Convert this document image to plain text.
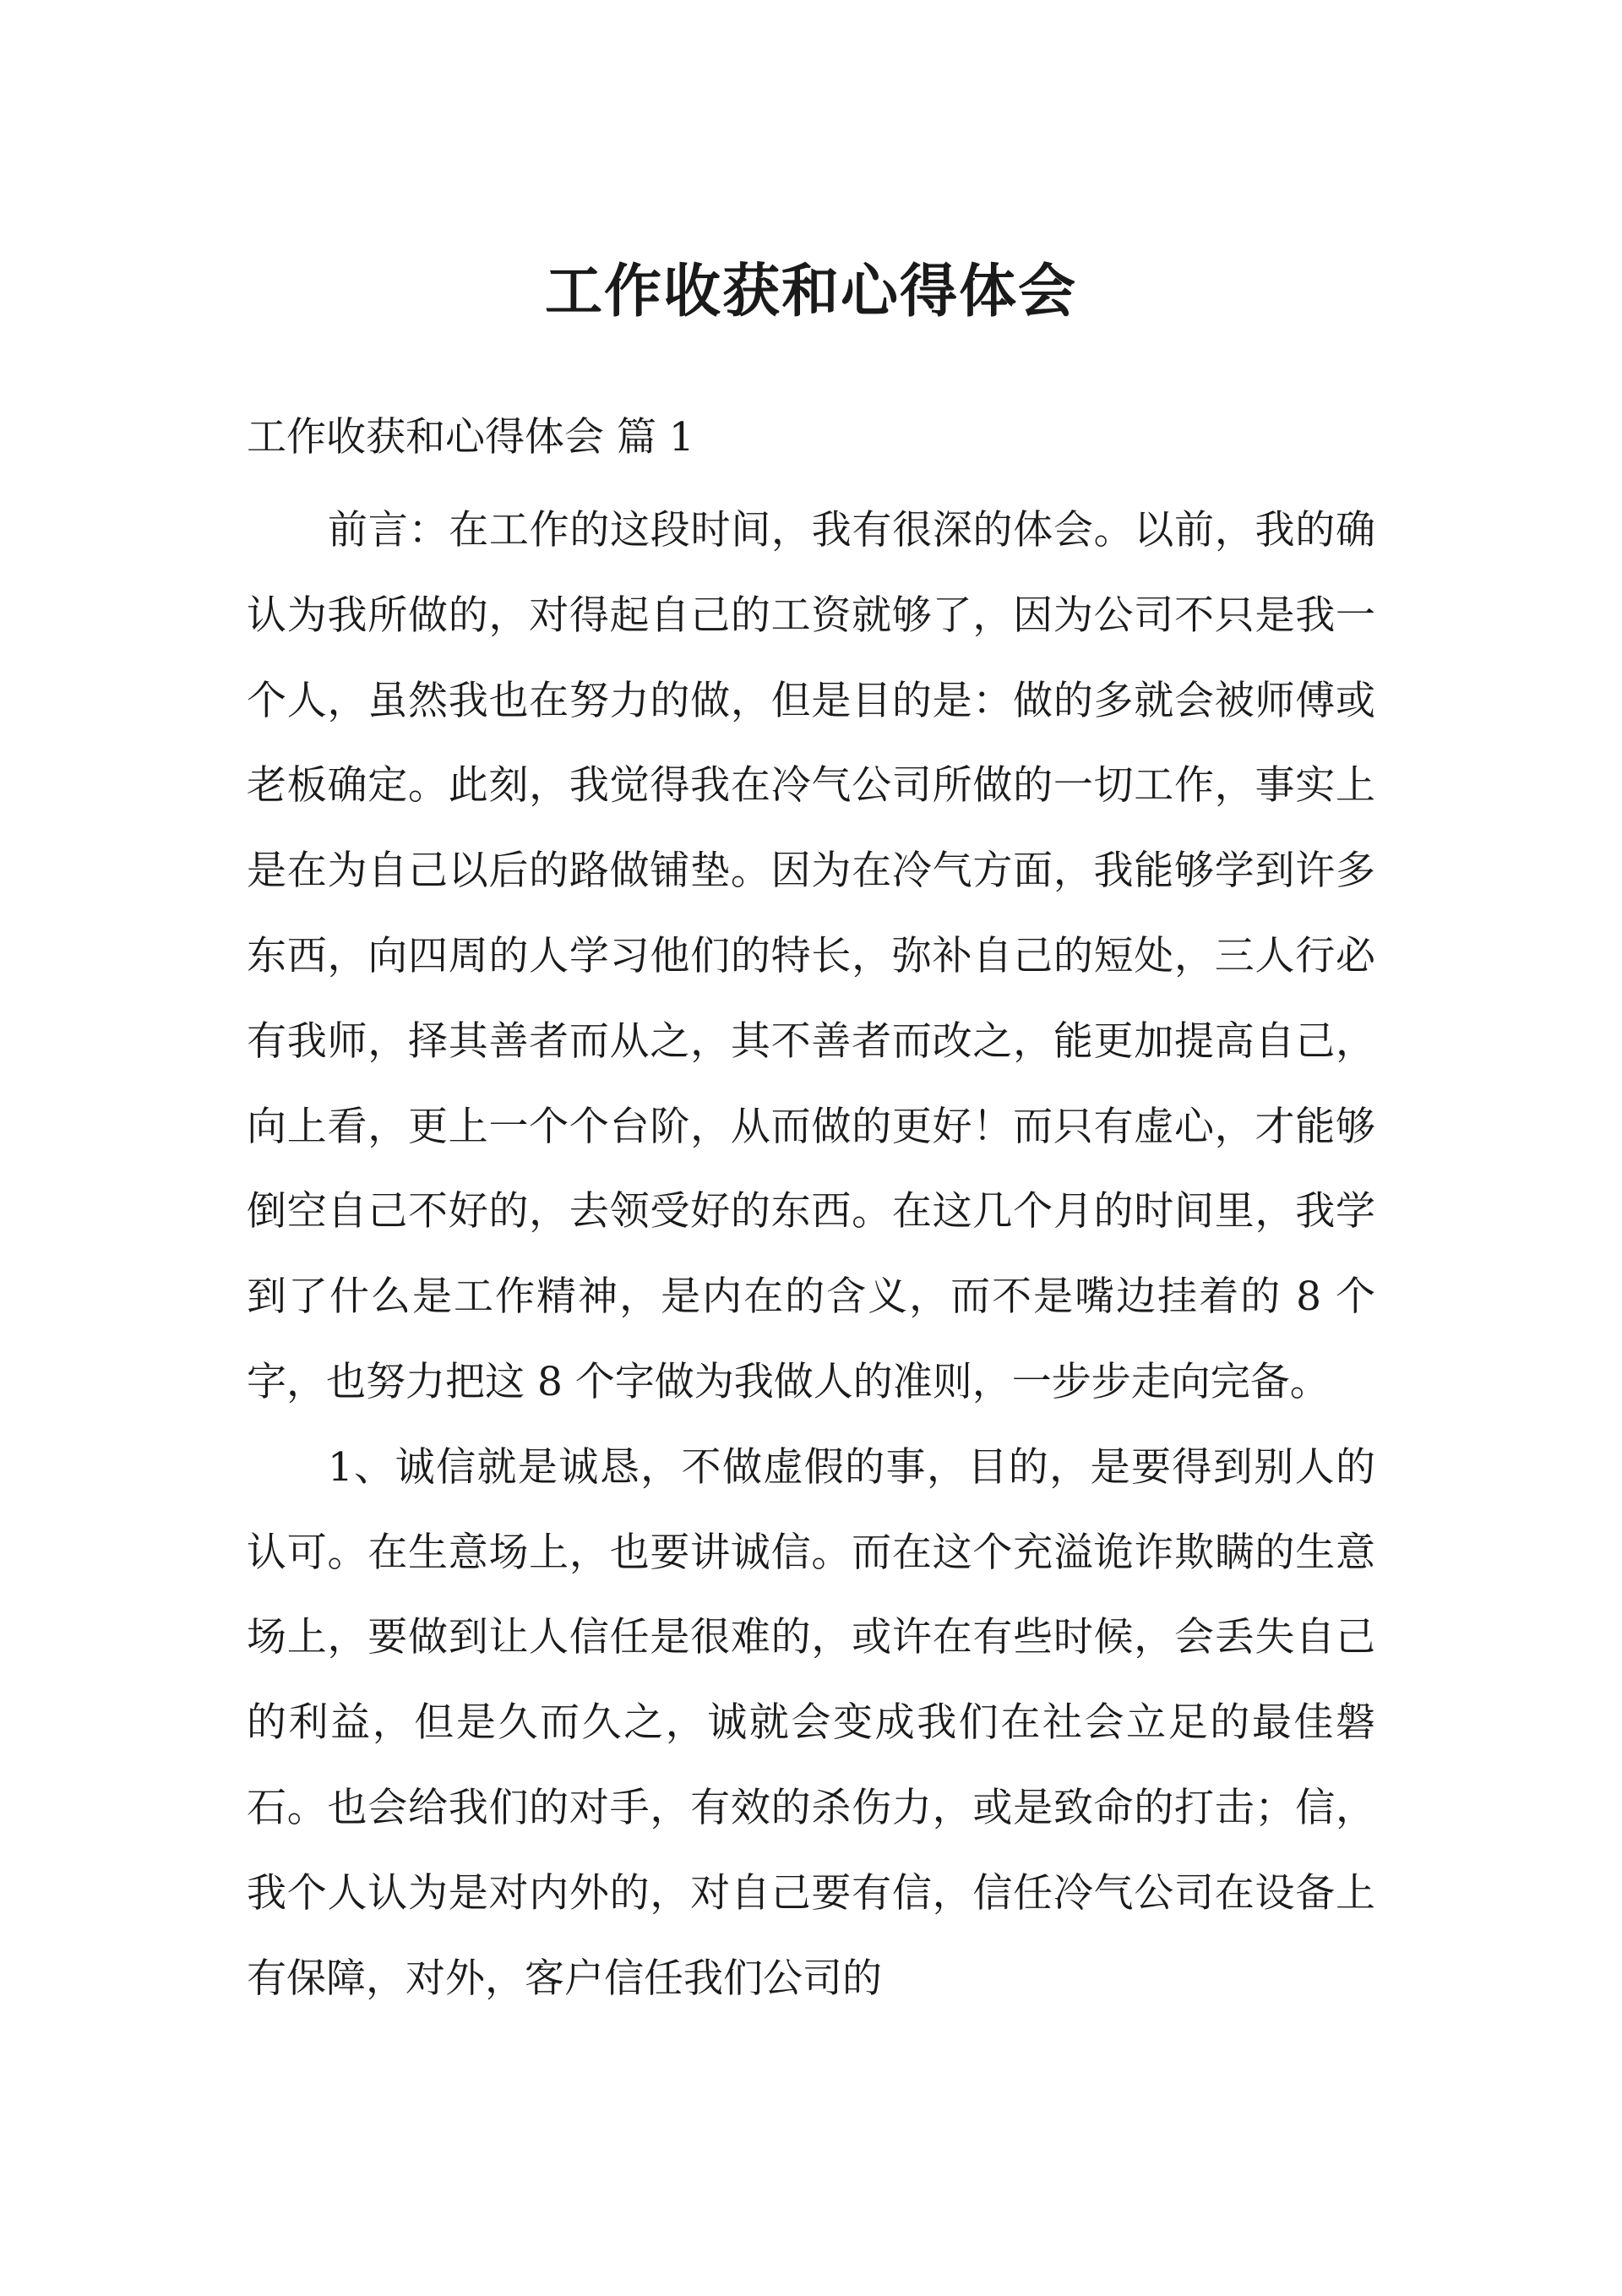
工作收获和心得体会
工作收获和心得体会 篇 1

前言：在工作的这段时间，我有很深的体会。以前，我的确认为我所做的，对得起自己的工资就够了，因为公司不只是我一个人，虽然我也在努力的做，但是目的是：做的多就会被师傅或老板确定。此刻，我觉得我在冷气公司所做的一切工作，事实上是在为自己以后的路做铺垫。因为在冷气方面，我能够学到许多东西，向四周的人学习他们的特长，弥补自己的短处，三人行必有我师，择其善者而从之，其不善者而改之，能更加提高自己，向上看，更上一个个台阶，从而做的更好！而只有虚心，才能够倒空自己不好的，去领受好的东西。在这几个月的时间里，我学到了什么是工作精神，是内在的含义，而不是嘴边挂着的 8 个字，也努力把这 8 个字做为我做人的准则，一步步走向完备。

1、诚信就是诚恳，不做虚假的事，目的，是要得到别人的认可。在生意场上，也要讲诚信。而在这个充溢诡诈欺瞒的生意场上，要做到让人信任是很难的，或许在有些时候，会丢失自己的利益，但是久而久之，诚就会变成我们在社会立足的最佳磐石。也会给我们的对手，有效的杀伤力，或是致命的打击；信，我个人认为是对内外的，对自己要有信，信任冷气公司在设备上有保障，对外，客户信任我们公司的
